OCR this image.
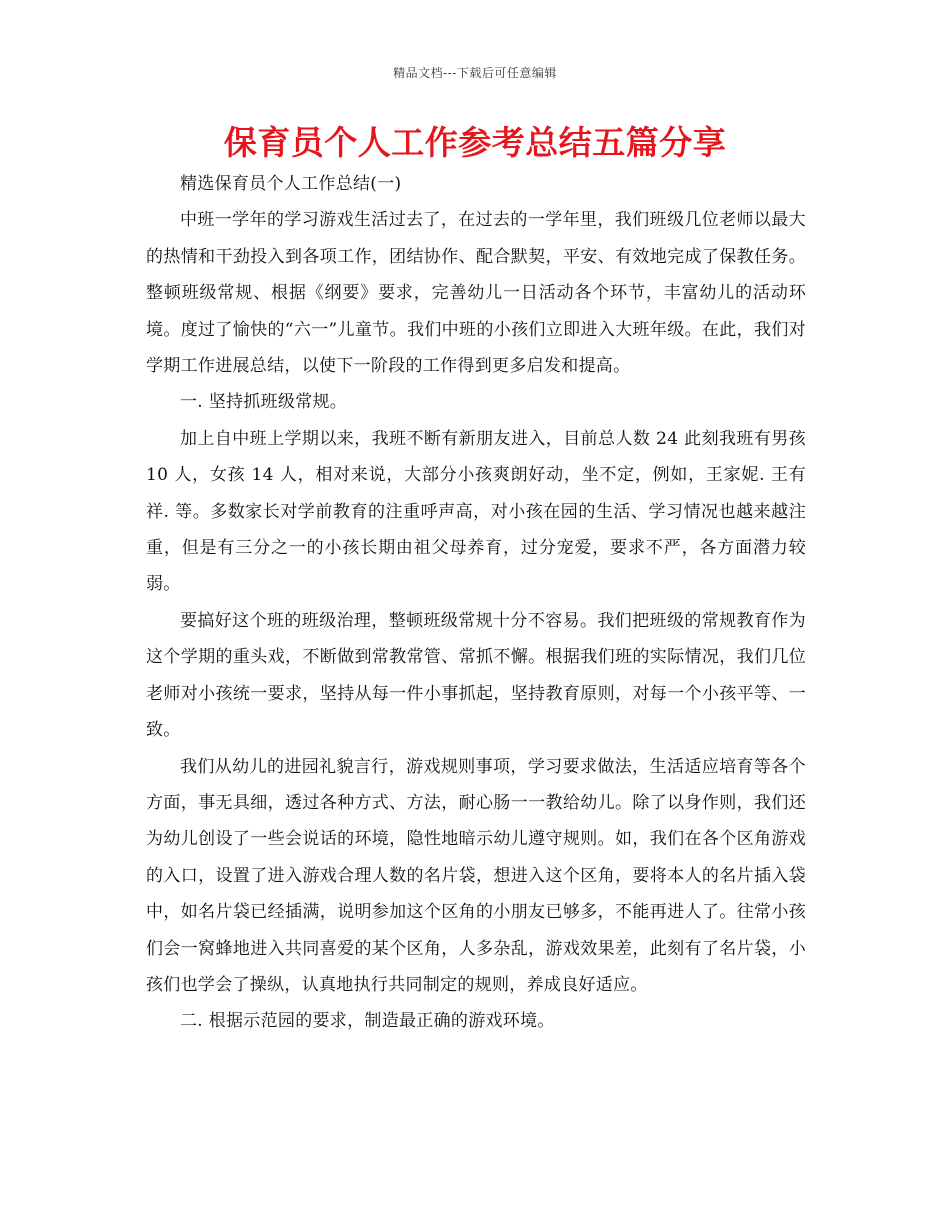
精品文档---下载后可任意编辑
保育员个人工作参考总结五篇分享

精选保育员个人工作总结(一)

中班一学年的学习游戏生活过去了，在过去的一学年里，我们班级几位老师以最大的热情和干劲投入到各项工作，团结协作、配合默契，平安、有效地完成了保教任务。整顿班级常规、根据《纲要》要求，完善幼儿一日活动各个环节，丰富幼儿的活动环境。度过了愉快的“六一”儿童节。我们中班的小孩们立即进入大班年级。在此，我们对学期工作进展总结，以使下一阶段的工作得到更多启发和提高。

一. 坚持抓班级常规。

加上自中班上学期以来，我班不断有新朋友进入，目前总人数 24 此刻我班有男孩 10 人，女孩 14 人，相对来说，大部分小孩爽朗好动，坐不定，例如，王家妮. 王有祥. 等。多数家长对学前教育的注重呼声高，对小孩在园的生活、学习情况也越来越注重，但是有三分之一的小孩长期由祖父母养育，过分宠爱，要求不严，各方面潜力较弱。

要搞好这个班的班级治理，整顿班级常规十分不容易。我们把班级的常规教育作为这个学期的重头戏，不断做到常教常管、常抓不懈。根据我们班的实际情况，我们几位老师对小孩统一要求，坚持从每一件小事抓起，坚持教育原则，对每一个小孩平等、一致。

我们从幼儿的进园礼貌言行，游戏规则事项，学习要求做法，生活适应培育等各个方面，事无具细，透过各种方式、方法，耐心肠一一教给幼儿。除了以身作则，我们还为幼儿创设了一些会说话的环境，隐性地暗示幼儿遵守规则。如，我们在各个区角游戏的入口，设置了进入游戏合理人数的名片袋，想进入这个区角，要将本人的名片插入袋中，如名片袋已经插满，说明参加这个区角的小朋友已够多，不能再进人了。往常小孩们会一窝蜂地进入共同喜爱的某个区角，人多杂乱，游戏效果差，此刻有了名片袋，小孩们也学会了操纵，认真地执行共同制定的规则，养成良好适应。

二. 根据示范园的要求，制造最正确的游戏环境。
